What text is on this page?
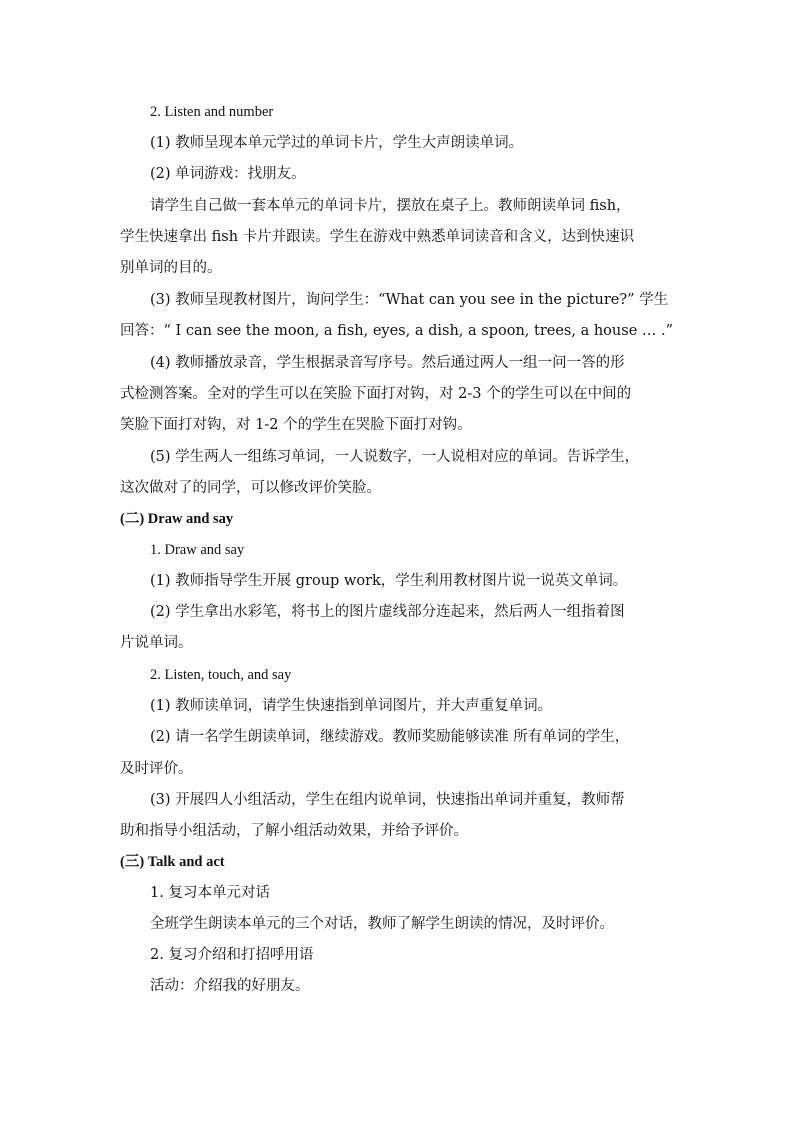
2. Listen and number
(1) 教师呈现本单元学过的单词卡片，学生大声朗读单词。
(2) 单词游戏：找朋友。
请学生自己做一套本单元的单词卡片，摆放在桌子上。教师朗读单词 fish，
学生快速拿出 fish 卡片并跟读。学生在游戏中熟悉单词读音和含义，达到快速识
别单词的目的。
(3) 教师呈现教材图片，询问学生：“What can you see in the picture?” 学生
回答：“ I can see the moon, a fish, eyes, a dish, a spoon, trees, a house … .”
(4) 教师播放录音，学生根据录音写序号。然后通过两人一组一问一答的形
式检测答案。全对的学生可以在笑脸下面打对钩，对 2-3 个的学生可以在中间的
笑脸下面打对钩，对 1-2 个的学生在哭脸下面打对钩。
(5) 学生两人一组练习单词，一人说数字，一人说相对应的单词。告诉学生，
这次做对了的同学，可以修改评价笑脸。
(二) Draw and say
1. Draw and say
(1) 教师指导学生开展 group work，学生利用教材图片说一说英文单词。
(2) 学生拿出水彩笔，将书上的图片虚线部分连起来，然后两人一组指着图
片说单词。
2. Listen, touch, and say
(1) 教师读单词，请学生快速指到单词图片，并大声重复单词。
(2) 请一名学生朗读单词，继续游戏。教师奖励能够读准 所有单词的学生，
及时评价。
(3) 开展四人小组活动，学生在组内说单词，快速指出单词并重复，教师帮
助和指导小组活动，了解小组活动效果，并给予评价。
(三) Talk and act
1. 复习本单元对话
全班学生朗读本单元的三个对话，教师了解学生朗读的情况，及时评价。
2. 复习介绍和打招呼用语
活动：介绍我的好朋友。
